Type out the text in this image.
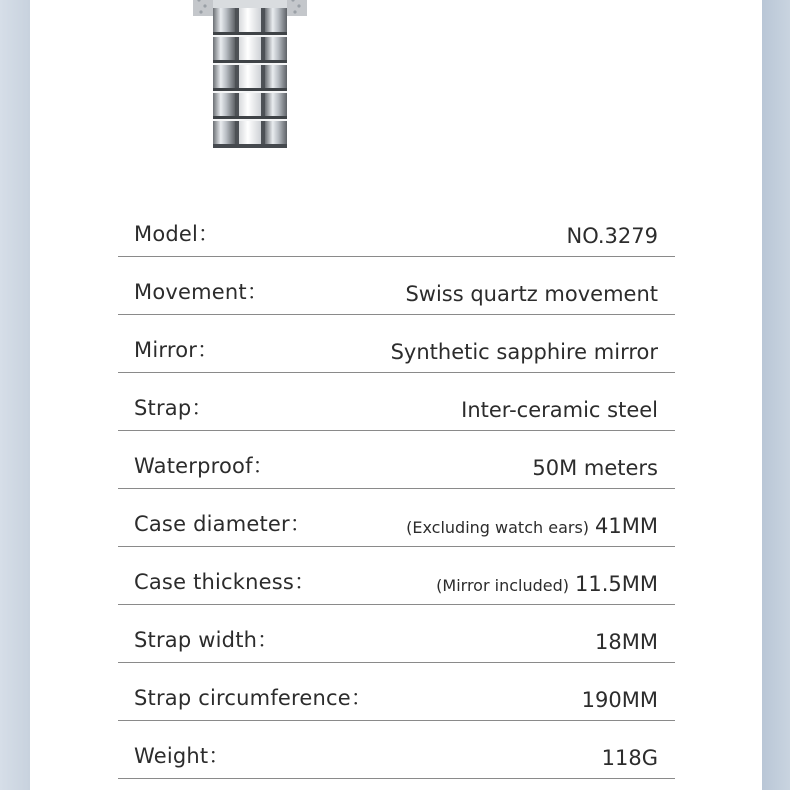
Model：	NO.3279
Movement：	Swiss quartz movement
Mirror：	Synthetic sapphire mirror
Strap：	Inter-ceramic steel
Waterproof：	50M meters
Case diameter：	(Excluding watch ears) 41MM
Case thickness：	(Mirror included) 11.5MM
Strap width：	18MM
Strap circumference：	190MM
Weight：	118G
